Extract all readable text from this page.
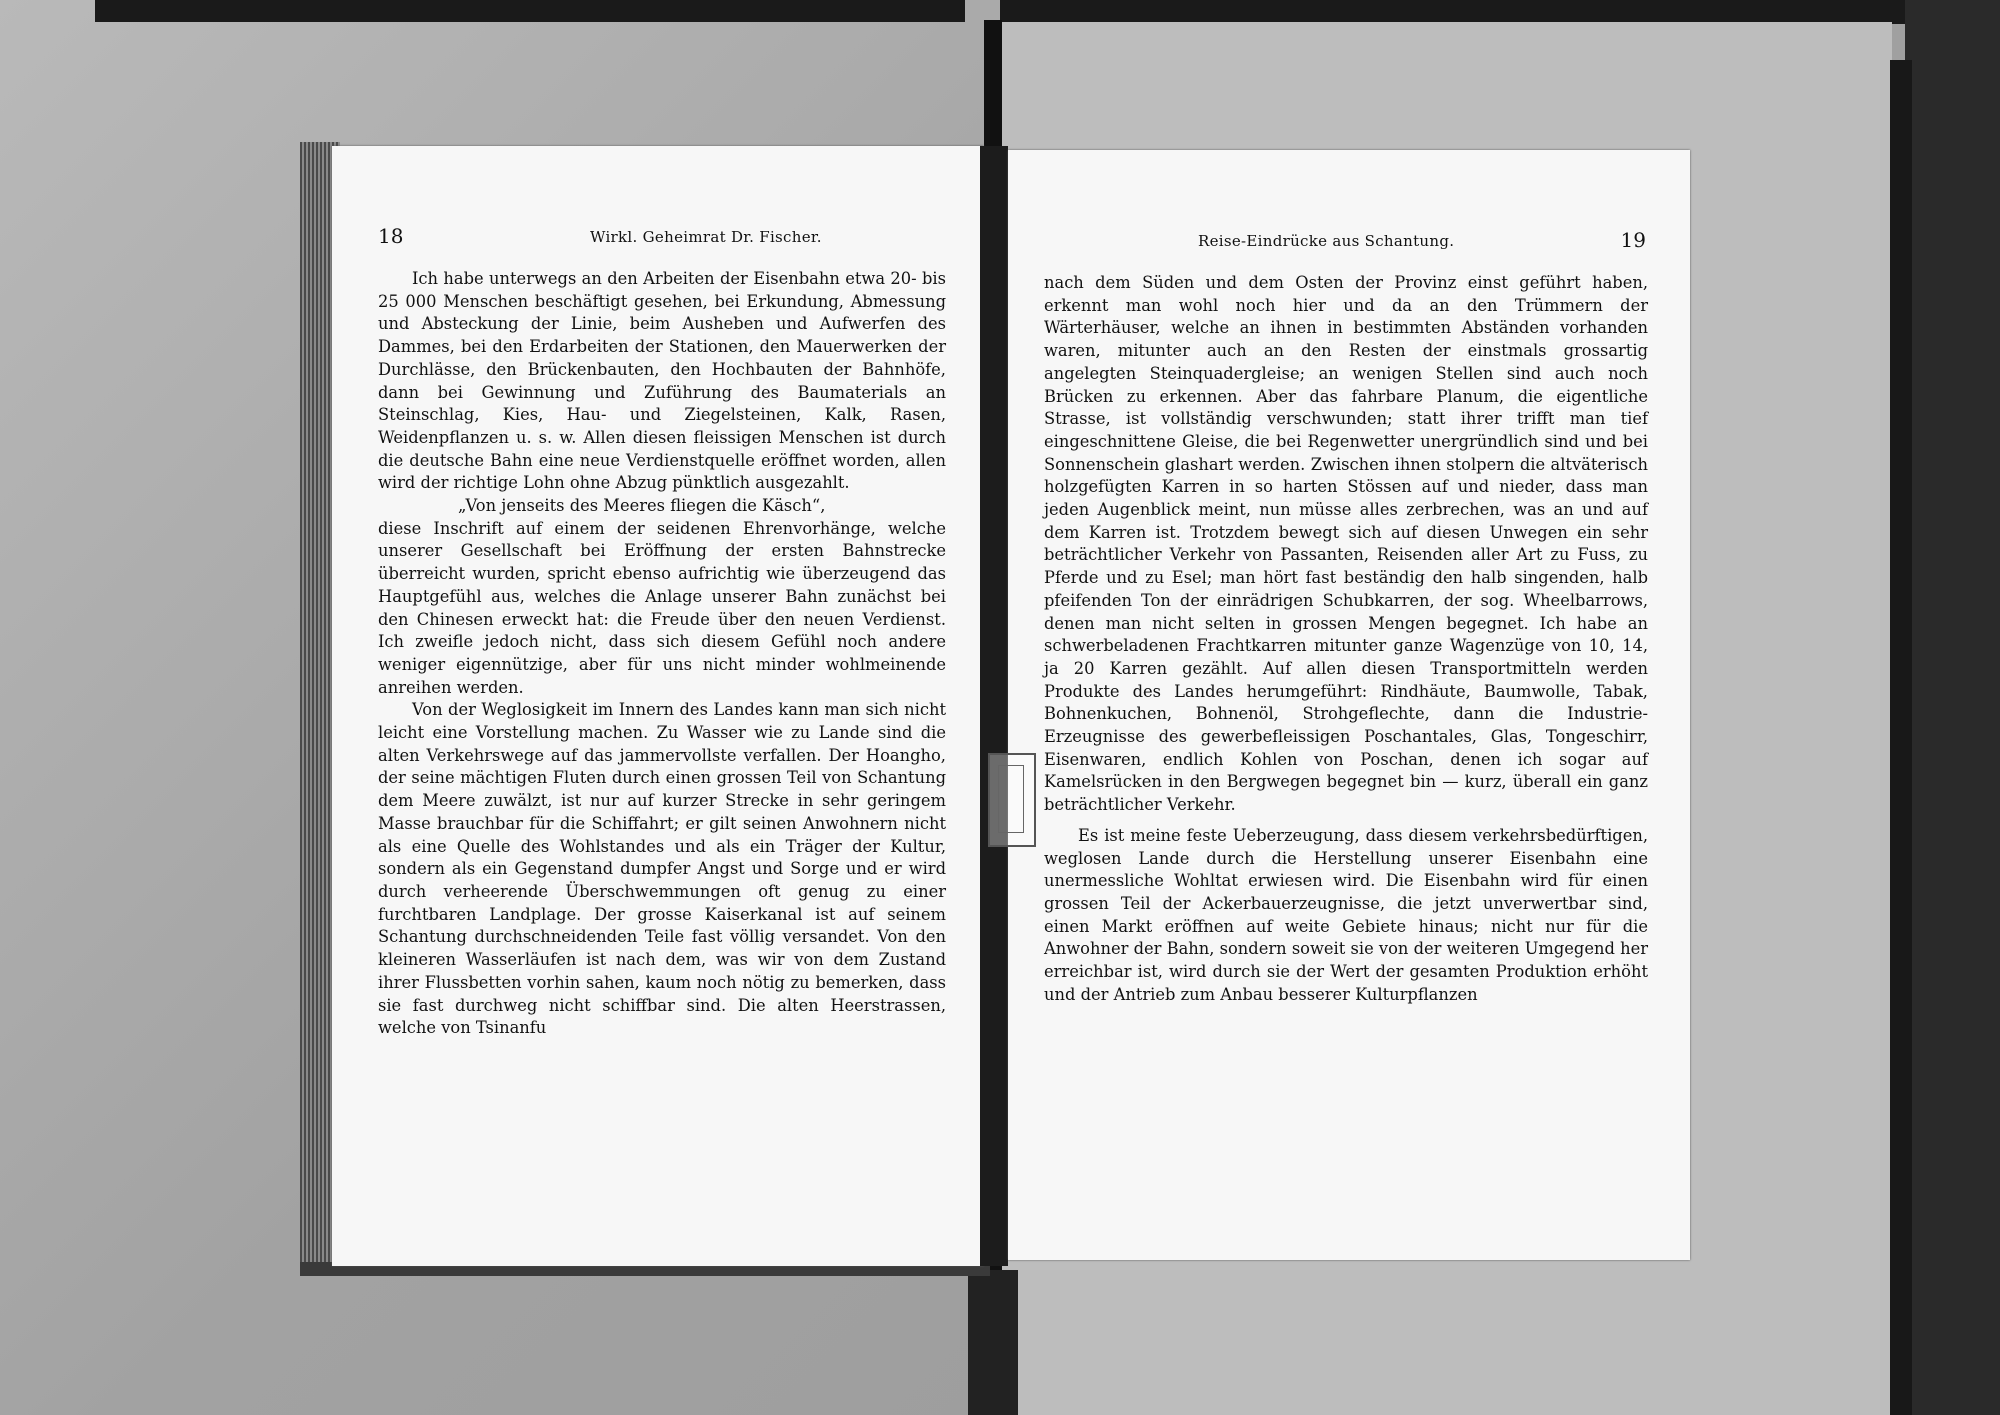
18	Wirkl. Geheimrat Dr. Fischer.

Ich habe unterwegs an den Arbeiten der Eisenbahn etwa 20- bis 25 000 Menschen beschäftigt gesehen, bei Erkundung, Abmessung und Absteckung der Linie, beim Ausheben und Aufwerfen des Dammes, bei den Erdarbeiten der Stationen, den Mauerwerken der Durchlässe, den Brückenbauten, den Hochbauten der Bahnhöfe, dann bei Gewinnung und Zuführung des Baumaterials an Steinschlag, Kies, Hau- und Ziegelsteinen, Kalk, Rasen, Weidenpflanzen u. s. w. Allen diesen fleissigen Menschen ist durch die deutsche Bahn eine neue Verdienstquelle eröffnet worden, allen wird der richtige Lohn ohne Abzug pünktlich ausgezahlt.

„Von jenseits des Meeres fliegen die Käsch“,

diese Inschrift auf einem der seidenen Ehrenvorhänge, welche unserer Gesellschaft bei Eröffnung der ersten Bahnstrecke überreicht wurden, spricht ebenso aufrichtig wie überzeugend das Hauptgefühl aus, welches die Anlage unserer Bahn zunächst bei den Chinesen erweckt hat: die Freude über den neuen Verdienst. Ich zweifle jedoch nicht, dass sich diesem Gefühl noch andere weniger eigennützige, aber für uns nicht minder wohlmeinende anreihen werden.

Von der Weglosigkeit im Innern des Landes kann man sich nicht leicht eine Vorstellung machen. Zu Wasser wie zu Lande sind die alten Verkehrswege auf das jammervollste verfallen. Der Hoangho, der seine mächtigen Fluten durch einen grossen Teil von Schantung dem Meere zuwälzt, ist nur auf kurzer Strecke in sehr geringem Masse brauchbar für die Schiffahrt; er gilt seinen Anwohnern nicht als eine Quelle des Wohlstandes und als ein Träger der Kultur, sondern als ein Gegenstand dumpfer Angst und Sorge und er wird durch verheerende Überschwemmungen oft genug zu einer furchtbaren Landplage. Der grosse Kaiserkanal ist auf seinem Schantung durchschneidenden Teile fast völlig versandet. Von den kleineren Wasserläufen ist nach dem, was wir von dem Zustand ihrer Flussbetten vorhin sahen, kaum noch nötig zu bemerken, dass sie fast durchweg nicht schiffbar sind. Die alten Heerstrassen, welche von Tsinanfu

Reise-Eindrücke aus Schantung.	19

nach dem Süden und dem Osten der Provinz einst geführt haben, erkennt man wohl noch hier und da an den Trümmern der Wärterhäuser, welche an ihnen in bestimmten Abständen vorhanden waren, mitunter auch an den Resten der einstmals grossartig angelegten Steinquadergleise; an wenigen Stellen sind auch noch Brücken zu erkennen. Aber das fahrbare Planum, die eigentliche Strasse, ist vollständig verschwunden; statt ihrer trifft man tief eingeschnittene Gleise, die bei Regenwetter unergründlich sind und bei Sonnenschein glashart werden. Zwischen ihnen stolpern die altväterisch holzgefügten Karren in so harten Stössen auf und nieder, dass man jeden Augenblick meint, nun müsse alles zerbrechen, was an und auf dem Karren ist. Trotzdem bewegt sich auf diesen Unwegen ein sehr beträchtlicher Verkehr von Passanten, Reisenden aller Art zu Fuss, zu Pferde und zu Esel; man hört fast beständig den halb singenden, halb pfeifenden Ton der einrädrigen Schubkarren, der sog. Wheelbarrows, denen man nicht selten in grossen Mengen begegnet. Ich habe an schwerbeladenen Frachtkarren mitunter ganze Wagenzüge von 10, 14, ja 20 Karren gezählt. Auf allen diesen Transportmitteln werden Produkte des Landes herumgeführt: Rindhäute, Baumwolle, Tabak, Bohnenkuchen, Bohnenöl, Strohgeflechte, dann die Industrie-Erzeugnisse des gewerbefleissigen Poschantales, Glas, Tongeschirr, Eisenwaren, endlich Kohlen von Poschan, denen ich sogar auf Kamelsrücken in den Bergwegen begegnet bin — kurz, überall ein ganz beträchtlicher Verkehr.

Es ist meine feste Ueberzeugung, dass diesem verkehrsbedürftigen, weglosen Lande durch die Herstellung unserer Eisenbahn eine unermessliche Wohltat erwiesen wird. Die Eisenbahn wird für einen grossen Teil der Ackerbauerzeugnisse, die jetzt unverwertbar sind, einen Markt eröffnen auf weite Gebiete hinaus; nicht nur für die Anwohner der Bahn, sondern soweit sie von der weiteren Umgegend her erreichbar ist, wird durch sie der Wert der gesamten Produktion erhöht und der Antrieb zum Anbau besserer Kulturpflanzen
